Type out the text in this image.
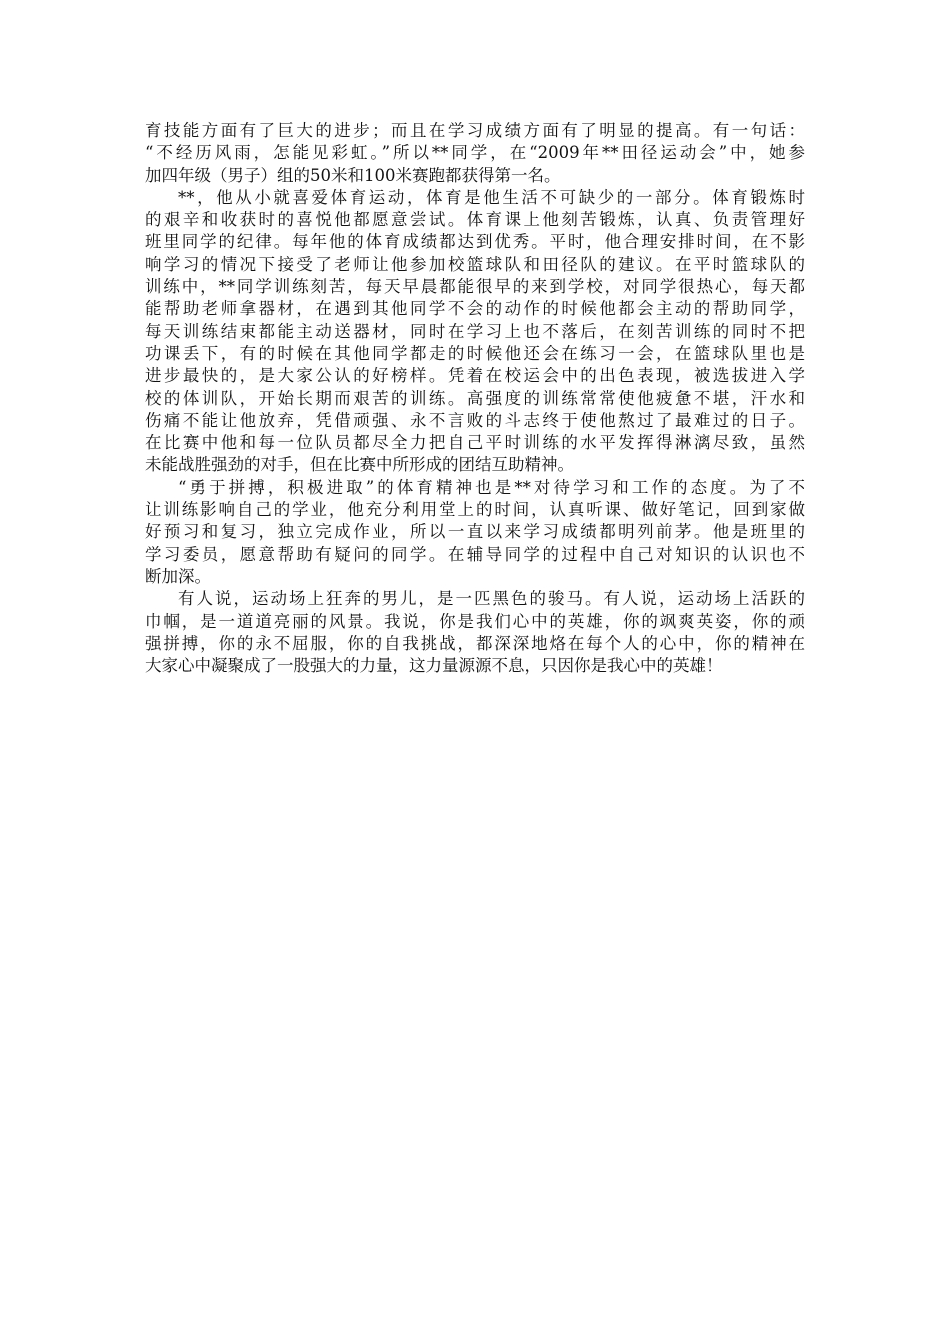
育技能方面有了巨大的进步；而且在学习成绩方面有了明显的提高。有一句话：
“不经历风雨，怎能见彩虹。”所以**同学，在“2009年**田径运动会”中，她参
加四年级（男子）组的50米和100米赛跑都获得第一名。
**，他从小就喜爱体育运动，体育是他生活不可缺少的一部分。体育锻炼时
的艰辛和收获时的喜悦他都愿意尝试。体育课上他刻苦锻炼，认真、负责管理好
班里同学的纪律。每年他的体育成绩都达到优秀。平时，他合理安排时间，在不影
响学习的情况下接受了老师让他参加校篮球队和田径队的建议。在平时篮球队的
训练中，**同学训练刻苦，每天早晨都能很早的来到学校，对同学很热心，每天都
能帮助老师拿器材，在遇到其他同学不会的动作的时候他都会主动的帮助同学，
每天训练结束都能主动送器材，同时在学习上也不落后，在刻苦训练的同时不把
功课丢下，有的时候在其他同学都走的时候他还会在练习一会，在篮球队里也是
进步最快的，是大家公认的好榜样。凭着在校运会中的出色表现，被选拔进入学
校的体训队，开始长期而艰苦的训练。高强度的训练常常使他疲惫不堪，汗水和
伤痛不能让他放弃，凭借顽强、永不言败的斗志终于使他熬过了最难过的日子。
在比赛中他和每一位队员都尽全力把自己平时训练的水平发挥得淋漓尽致，虽然
未能战胜强劲的对手，但在比赛中所形成的团结互助精神。
“勇于拼搏，积极进取”的体育精神也是**对待学习和工作的态度。为了不
让训练影响自己的学业，他充分利用堂上的时间，认真听课、做好笔记，回到家做
好预习和复习，独立完成作业，所以一直以来学习成绩都明列前茅。他是班里的
学习委员，愿意帮助有疑问的同学。在辅导同学的过程中自己对知识的认识也不
断加深。
有人说，运动场上狂奔的男儿，是一匹黑色的骏马。有人说，运动场上活跃的
巾帼，是一道道亮丽的风景。我说，你是我们心中的英雄，你的飒爽英姿，你的顽
强拼搏，你的永不屈服，你的自我挑战，都深深地烙在每个人的心中，你的精神在
大家心中凝聚成了一股强大的力量，这力量源源不息，只因你是我心中的英雄！
